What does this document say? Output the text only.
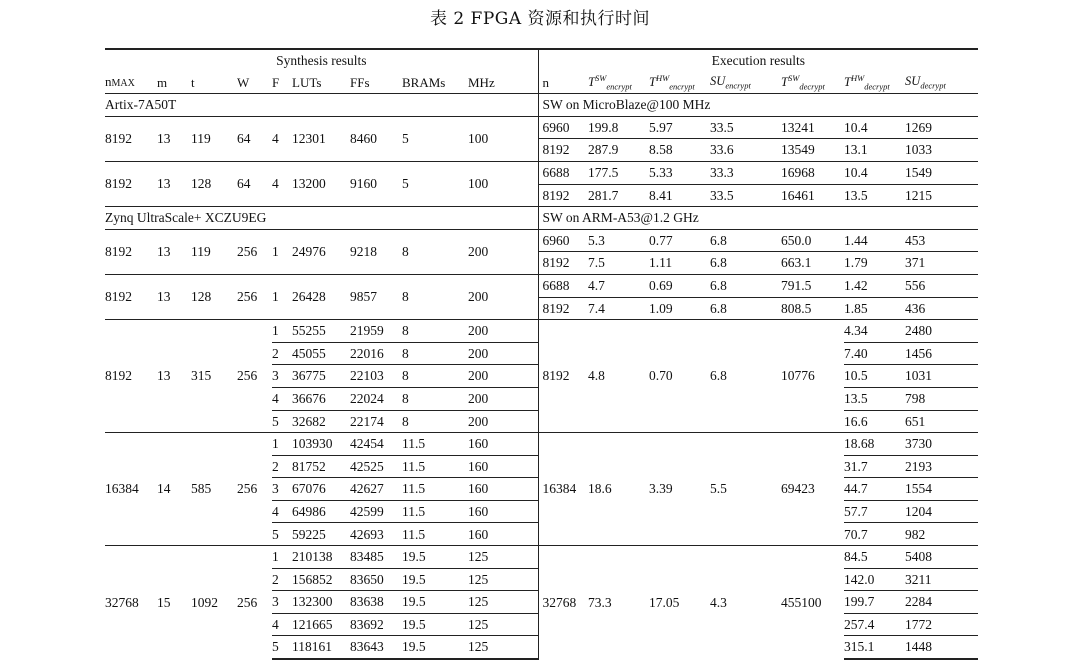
表 2 FPGA 资源和执行时间
Synthesis results									Execution results						
nMAX	m	t	W	F	LUTs	FFs	BRAMs	MHz	n	$T^{SW}_{encrypt}$	$T^{HW}_{encrypt}$	$SU_{encrypt}$	$T^{SW}_{decrypt}$	$T^{HW}_{decrypt}$	$SU_{decrypt}$
Artix-7A50T									SW on MicroBlaze@100 MHz						
8192	13	119	64	4	12301	8460	5	100	6960	199.8	5.97	33.5	13241	10.4	1269
									8192	287.9	8.58	33.6	13549	13.1	1033
8192	13	128	64	4	13200	9160	5	100	6688	177.5	5.33	33.3	16968	10.4	1549
									8192	281.7	8.41	33.5	16461	13.5	1215
Zynq UltraScale+ XCZU9EG									SW on ARM-A53@1.2 GHz						
8192	13	119	256	1	24976	9218	8	200	6960	5.3	0.77	6.8	650.0	1.44	453
									8192	7.5	1.11	6.8	663.1	1.79	371
8192	13	128	256	1	26428	9857	8	200	6688	4.7	0.69	6.8	791.5	1.42	556
									8192	7.4	1.09	6.8	808.5	1.85	436
8192	13	315	256	1	55255	21959	8	200	8192	4.8	0.70	6.8	10776	4.34	2480
				2	45055	22016	8	200						7.40	1456
				3	36775	22103	8	200						10.5	1031
				4	36676	22024	8	200						13.5	798
				5	32682	22174	8	200						16.6	651
16384	14	585	256	1	103930	42454	11.5	160	16384	18.6	3.39	5.5	69423	18.68	3730
				2	81752	42525	11.5	160						31.7	2193
				3	67076	42627	11.5	160						44.7	1554
				4	64986	42599	11.5	160						57.7	1204
				5	59225	42693	11.5	160						70.7	982
32768	15	1092	256	1	210138	83485	19.5	125	32768	73.3	17.05	4.3	455100	84.5	5408
				2	156852	83650	19.5	125						142.0	3211
				3	132300	83638	19.5	125						199.7	2284
				4	121665	83692	19.5	125						257.4	1772
				5	118161	83643	19.5	125						315.1	1448
